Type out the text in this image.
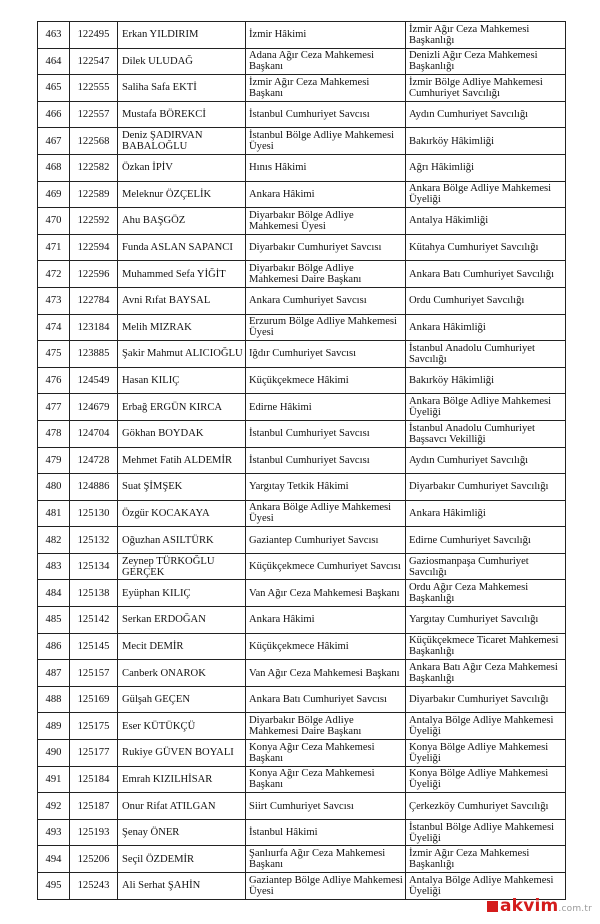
463	122495	Erkan YILDIRIM	İzmir Hâkimi	İzmir Ağır Ceza Mahkemesi Başkanlığı
464	122547	Dilek ULUDAĞ	Adana Ağır Ceza Mahkemesi Başkanı	Denizli Ağır Ceza Mahkemesi Başkanlığı
465	122555	Saliha Safa EKTİ	İzmir Ağır Ceza Mahkemesi Başkanı	İzmir Bölge Adliye Mahkemesi Cumhuriyet Savcılığı
466	122557	Mustafa BÖREKCİ	İstanbul Cumhuriyet Savcısı	Aydın Cumhuriyet Savcılığı
467	122568	Deniz ŞADIRVAN BABALOĞLU	İstanbul Bölge Adliye Mahkemesi Üyesi	Bakırköy Hâkimliği
468	122582	Özkan İPİV	Hınıs Hâkimi	Ağrı Hâkimliği
469	122589	Meleknur ÖZÇELİK	Ankara Hâkimi	Ankara Bölge Adliye Mahkemesi Üyeliği
470	122592	Ahu BAŞGÖZ	Diyarbakır Bölge Adliye Mahkemesi Üyesi	Antalya Hâkimliği
471	122594	Funda ASLAN SAPANCI	Diyarbakır Cumhuriyet Savcısı	Kütahya Cumhuriyet Savcılığı
472	122596	Muhammed Sefa YİĞİT	Diyarbakır Bölge Adliye Mahkemesi Daire Başkanı	Ankara Batı Cumhuriyet Savcılığı
473	122784	Avni Rıfat BAYSAL	Ankara Cumhuriyet Savcısı	Ordu Cumhuriyet Savcılığı
474	123184	Melih MIZRAK	Erzurum Bölge Adliye Mahkemesi Üyesi	Ankara Hâkimliği
475	123885	Şakir Mahmut ALICIOĞLU	Iğdır Cumhuriyet Savcısı	İstanbul Anadolu Cumhuriyet Savcılığı
476	124549	Hasan KILIÇ	Küçükçekmece Hâkimi	Bakırköy Hâkimliği
477	124679	Erbağ ERGÜN KIRCA	Edirne Hâkimi	Ankara Bölge Adliye Mahkemesi Üyeliği
478	124704	Gökhan BOYDAK	İstanbul Cumhuriyet Savcısı	İstanbul Anadolu Cumhuriyet Başsavcı Vekilliği
479	124728	Mehmet Fatih ALDEMİR	İstanbul Cumhuriyet Savcısı	Aydın Cumhuriyet Savcılığı
480	124886	Suat ŞİMŞEK	Yargıtay Tetkik Hâkimi	Diyarbakır Cumhuriyet Savcılığı
481	125130	Özgür KOCAKAYA	Ankara Bölge Adliye Mahkemesi Üyesi	Ankara Hâkimliği
482	125132	Oğuzhan ASILTÜRK	Gaziantep Cumhuriyet Savcısı	Edirne Cumhuriyet Savcılığı
483	125134	Zeynep TÜRKOĞLU GERÇEK	Küçükçekmece Cumhuriyet Savcısı	Gaziosmanpaşa Cumhuriyet Savcılığı
484	125138	Eyüphan KILIÇ	Van Ağır Ceza Mahkemesi Başkanı	Ordu Ağır Ceza Mahkemesi Başkanlığı
485	125142	Serkan ERDOĞAN	Ankara Hâkimi	Yargıtay Cumhuriyet Savcılığı
486	125145	Mecit DEMİR	Küçükçekmece Hâkimi	Küçükçekmece Ticaret Mahkemesi Başkanlığı
487	125157	Canberk ONAROK	Van Ağır Ceza Mahkemesi Başkanı	Ankara Batı Ağır Ceza Mahkemesi Başkanlığı
488	125169	Gülşah GEÇEN	Ankara Batı Cumhuriyet Savcısı	Diyarbakır Cumhuriyet Savcılığı
489	125175	Eser KÜTÜKÇÜ	Diyarbakır Bölge Adliye Mahkemesi Daire Başkanı	Antalya Bölge Adliye Mahkemesi Üyeliği
490	125177	Rukiye GÜVEN BOYALI	Konya Ağır Ceza Mahkemesi Başkanı	Konya Bölge Adliye Mahkemesi Üyeliği
491	125184	Emrah KIZILHİSAR	Konya Ağır Ceza Mahkemesi Başkanı	Konya Bölge Adliye Mahkemesi Üyeliği
492	125187	Onur Rifat ATILGAN	Siirt Cumhuriyet Savcısı	Çerkezköy Cumhuriyet Savcılığı
493	125193	Şenay ÖNER	İstanbul Hâkimi	İstanbul Bölge Adliye Mahkemesi Üyeliği
494	125206	Seçil ÖZDEMİR	Şanlıurfa Ağır Ceza Mahkemesi Başkanı	İzmir Ağır Ceza Mahkemesi Başkanlığı
495	125243	Ali Serhat ŞAHİN	Gaziantep Bölge Adliye Mahkemesi Üyesi	Antalya Bölge Adliye Mahkemesi Üyeliği
akvim.com.tr
